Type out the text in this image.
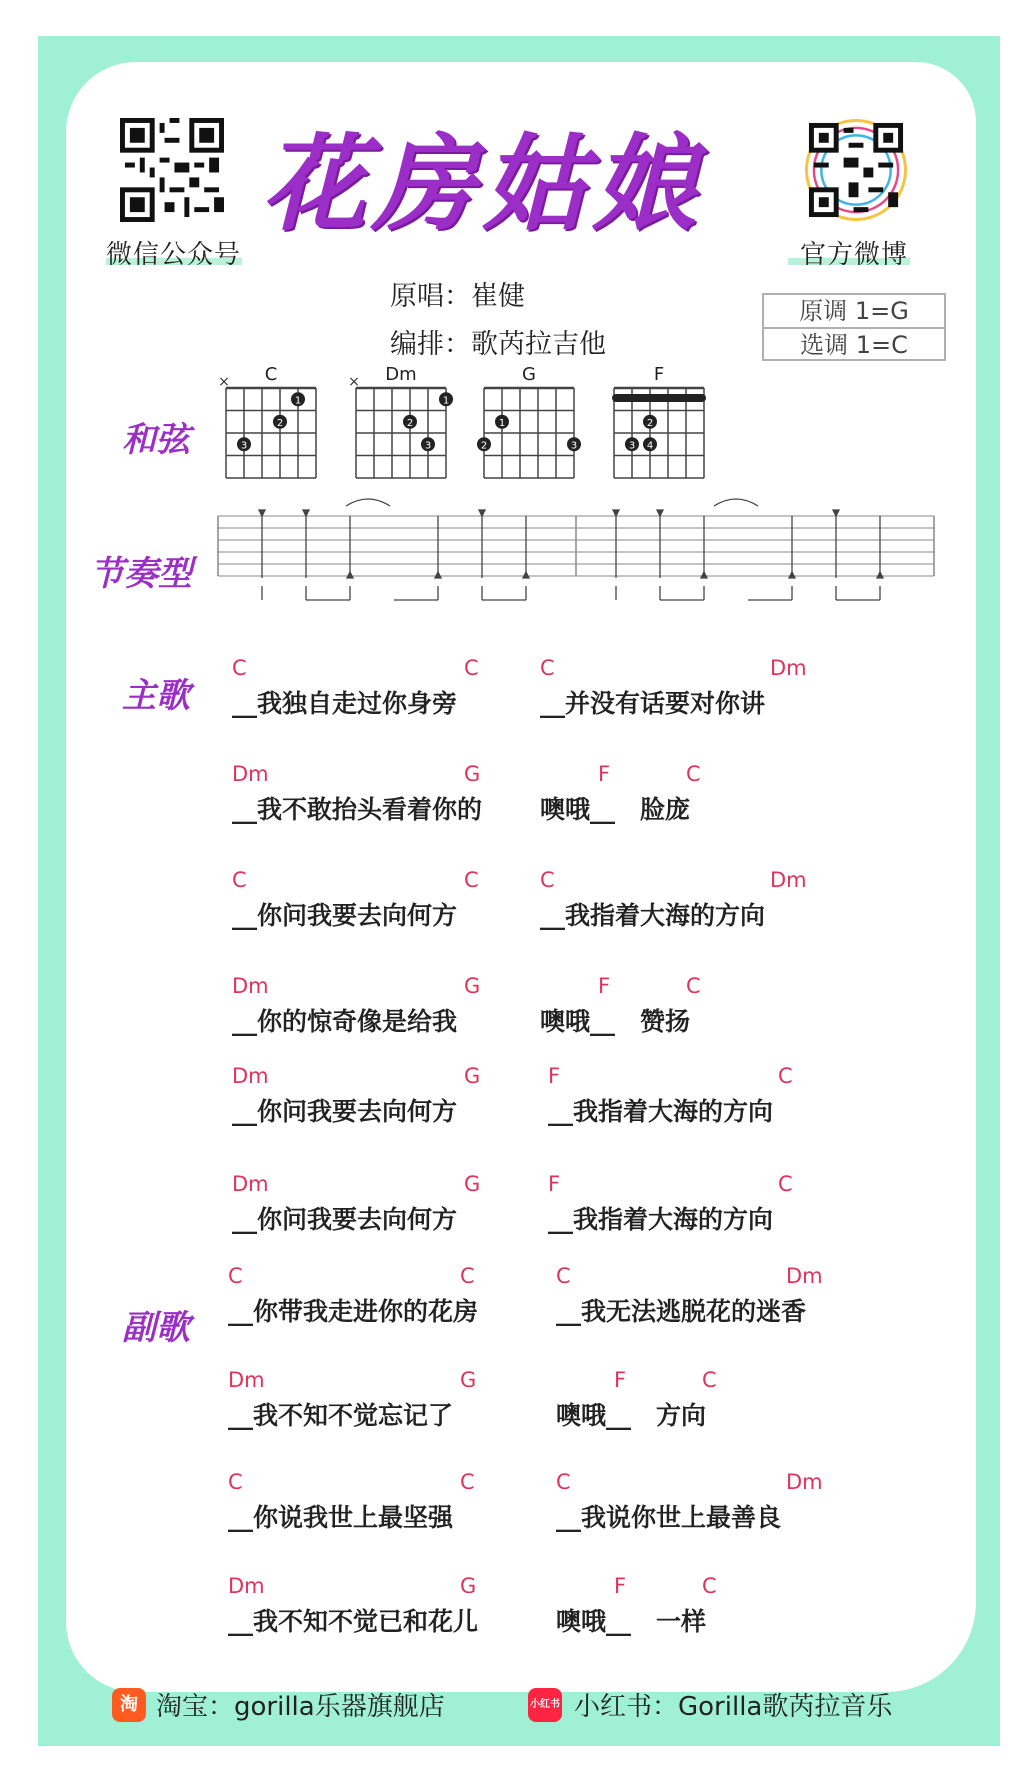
微信公众号	官方微博
花房姑娘
原唱：崔健
编排：歌芮拉吉他
原调 1=G
选调 1=C
和弦
节奏型
主歌
副歌
C	Dm	G	F
1
2
3
1
2
3
1
2	3
2
3 4
×	×
C	C	C	Dm
__我独自走过你身旁	__并没有话要对你讲
Dm	G	F	C
__我不敢抬头看着你的 噢哦__　脸庞
C	C	C	Dm
__你问我要去向何方	__我指着大海的方向
Dm	G	F	C
__你的惊奇像是给我	噢哦__　赞扬
Dm	G	F	C
__你问我要去向何方	__我指着大海的方向
Dm	G	F	C
__你问我要去向何方	__我指着大海的方向
C	C	C	Dm
__你带我走进你的花房	__我无法逃脱花的迷香
Dm	G	F	C
__我不知不觉忘记了	噢哦__　方向
C	C	C	Dm
__你说我世上最坚强	__我说你世上最善良
Dm	G	F	C
__我不知不觉已和花儿	噢哦__　一样
淘 淘宝：gorilla乐器旗舰店	小红书 小红书：Gorilla歌芮拉音乐
